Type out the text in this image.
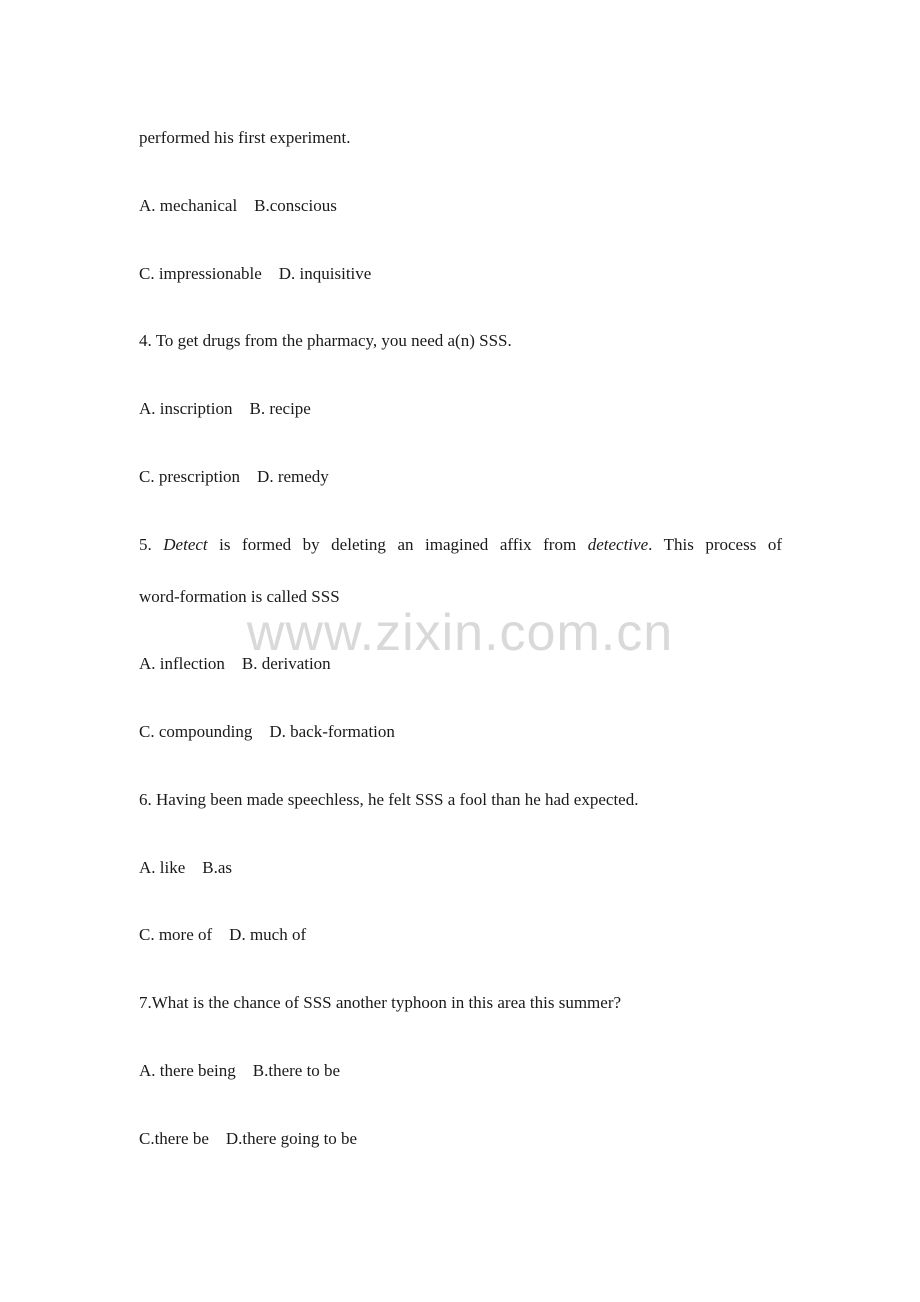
performed his first experiment.

A. mechanical    B.conscious

C. impressionable    D. inquisitive

4. To get drugs from the pharmacy, you need a(n) SSS.

A. inscription    B. recipe

C. prescription    D. remedy

5. Detect is formed by deleting an imagined affix from detective. This process of

word-formation is called SSS

A. inflection    B. derivation

C. compounding    D. back-formation

6. Having been made speechless, he felt SSS a fool than he had expected.

A. like    B.as

C. more of    D. much of

7.What is the chance of SSS another typhoon in this area this summer?

A. there being    B.there to be

C.there be    D.there going to be

www.zixin.com.cn
